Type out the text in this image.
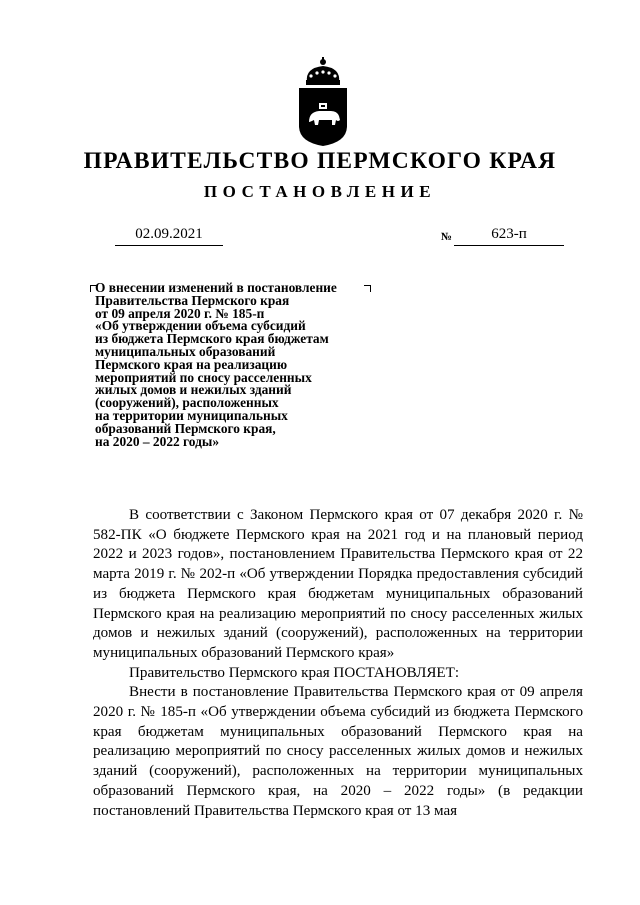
ПРАВИТЕЛЬСТВО ПЕРМСКОГО КРАЯ
ПОСТАНОВЛЕНИЕ
02.09.2021	№	623-п
О внесении изменений в постановление
Правительства Пермского края
от 09 апреля 2020 г. № 185-п
«Об утверждении объема субсидий
из бюджета Пермского края бюджетам
муниципальных образований
Пермского края на реализацию
мероприятий по сносу расселенных
жилых домов и нежилых зданий
(сооружений), расположенных
на территории муниципальных
образований Пермского края,
на 2020 – 2022 годы»

В соответствии с Законом Пермского края от 07 декабря 2020 г. № 582-ПК «О бюджете Пермского края на 2021 год и на плановый период 2022 и 2023 годов», постановлением Правительства Пермского края от 22 марта 2019 г. № 202-п «Об утверждении Порядка предоставления субсидий из бюджета Пермского края бюджетам муниципальных образований Пермского края на реализацию мероприятий по сносу расселенных жилых домов и нежилых зданий (сооружений), расположенных на территории муниципальных образований Пермского края»

Правительство Пермского края ПОСТАНОВЛЯЕТ:

Внести в постановление Правительства Пермского края от 09 апреля 2020 г. № 185-п «Об утверждении объема субсидий из бюджета Пермского края бюджетам муниципальных образований Пермского края на реализацию мероприятий по сносу расселенных жилых домов и нежилых зданий (сооружений), расположенных на территории муниципальных образований Пермского края, на 2020 – 2022 годы» (в редакции постановлений Правительства Пермского края от 13 мая
